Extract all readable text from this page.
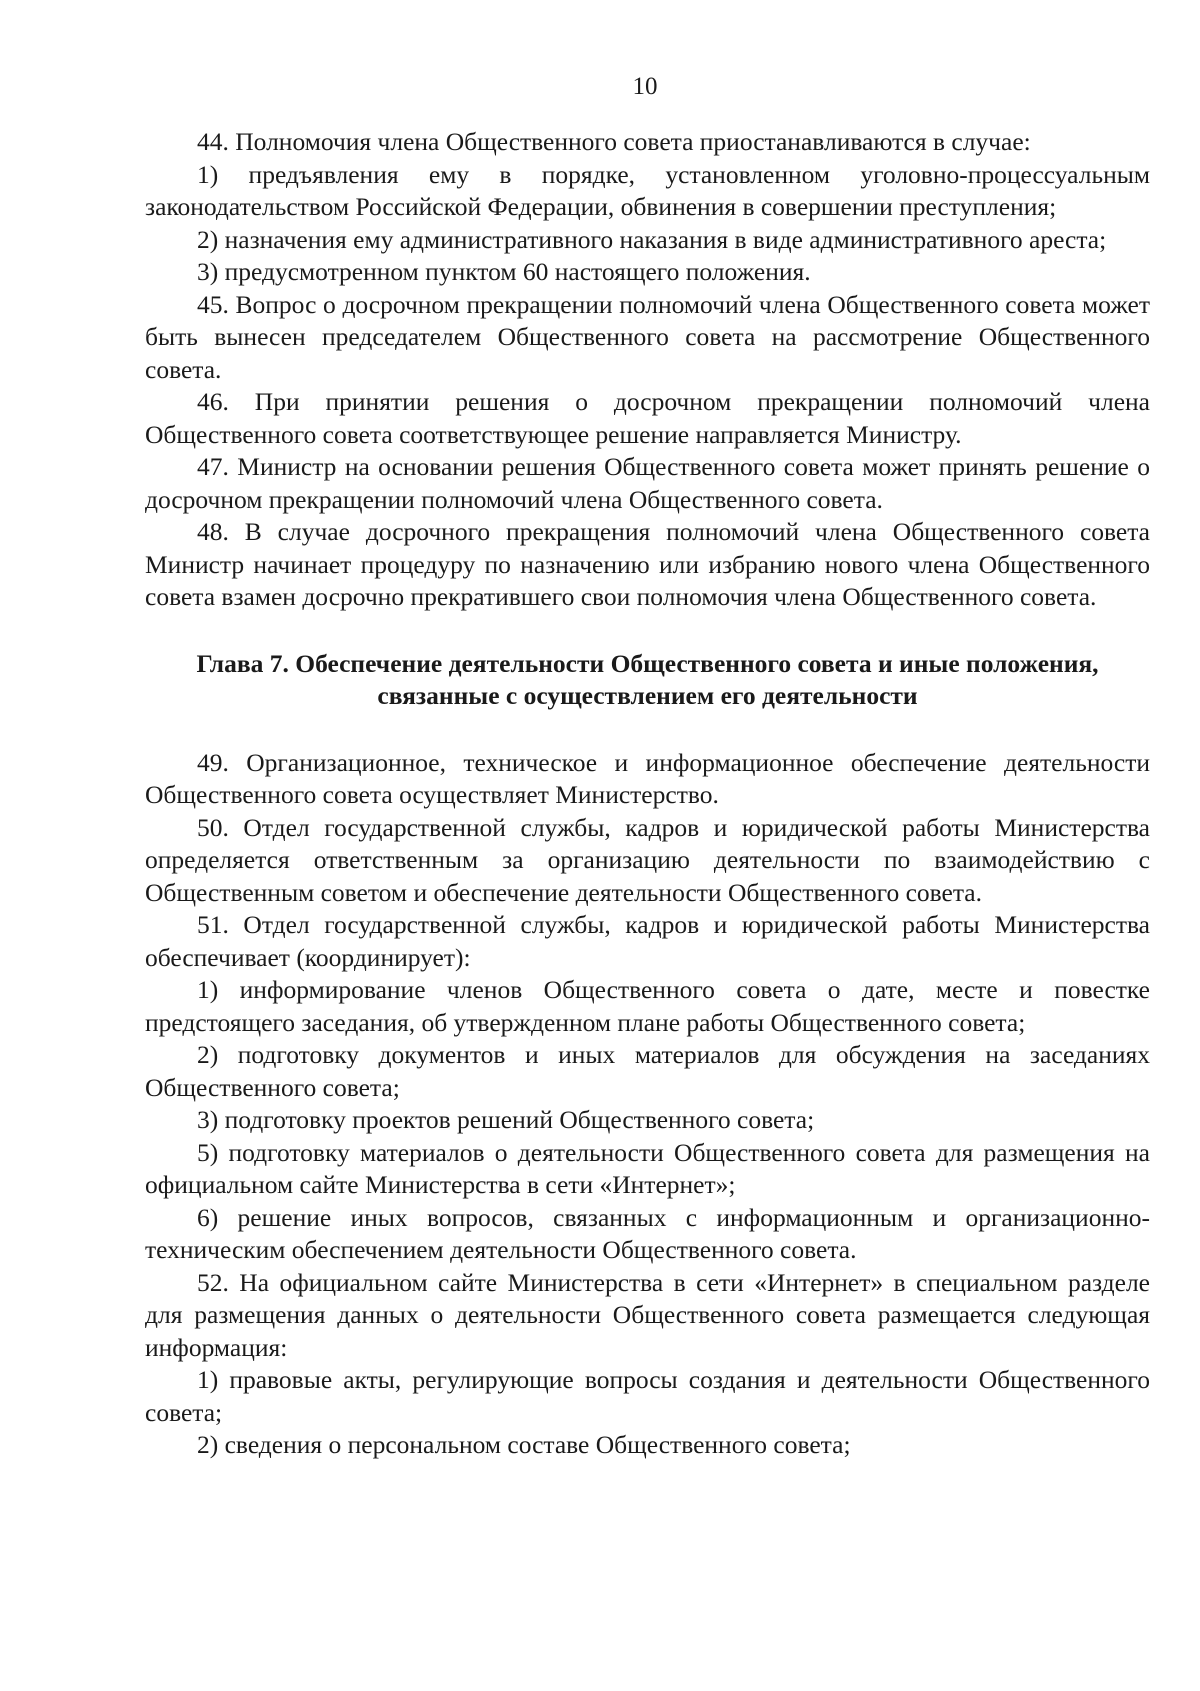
10

44. Полномочия члена Общественного совета приостанавливаются в случае:

1) предъявления ему в порядке, установленном уголовно-процессуальным законодательством Российской Федерации, обвинения в совершении преступления;

2) назначения ему административного наказания в виде административного ареста;

3) предусмотренном пунктом 60 настоящего положения.

45. Вопрос о досрочном прекращении полномочий члена Общественного совета может быть вынесен председателем Общественного совета на рассмотрение Общественного совета.

46. При принятии решения о досрочном прекращении полномочий члена Общественного совета соответствующее решение направляется Министру.

47. Министр на основании решения Общественного совета может принять решение о досрочном прекращении полномочий члена Общественного совета.

48. В случае досрочного прекращения полномочий члена Общественного совета Министр начинает процедуру по назначению или избранию нового члена Общественного совета взамен досрочно прекратившего свои полномочия члена Общественного совета.

Глава 7. Обеспечение деятельности Общественного совета и иные положения, связанные с осуществлением его деятельности

49. Организационное, техническое и информационное обеспечение деятельности Общественного совета осуществляет Министерство.

50. Отдел государственной службы, кадров и юридической работы Министерства определяется ответственным за организацию деятельности по взаимодействию с Общественным советом и обеспечение деятельности Общественного совета.

51. Отдел государственной службы, кадров и юридической работы Министерства обеспечивает (координирует):

1) информирование членов Общественного совета о дате, месте и повестке предстоящего заседания, об утвержденном плане работы Общественного совета;

2) подготовку документов и иных материалов для обсуждения на заседаниях Общественного совета;

3) подготовку проектов решений Общественного совета;

5) подготовку материалов о деятельности Общественного совета для размещения на официальном сайте Министерства в сети «Интернет»;

6) решение иных вопросов, связанных с информационным и организационно-техническим обеспечением деятельности Общественного совета.

52. На официальном сайте Министерства в сети «Интернет» в специальном разделе для размещения данных о деятельности Общественного совета размещается следующая информация:

1) правовые акты, регулирующие вопросы создания и деятельности Общественного совета;

2) сведения о персональном составе Общественного совета;
